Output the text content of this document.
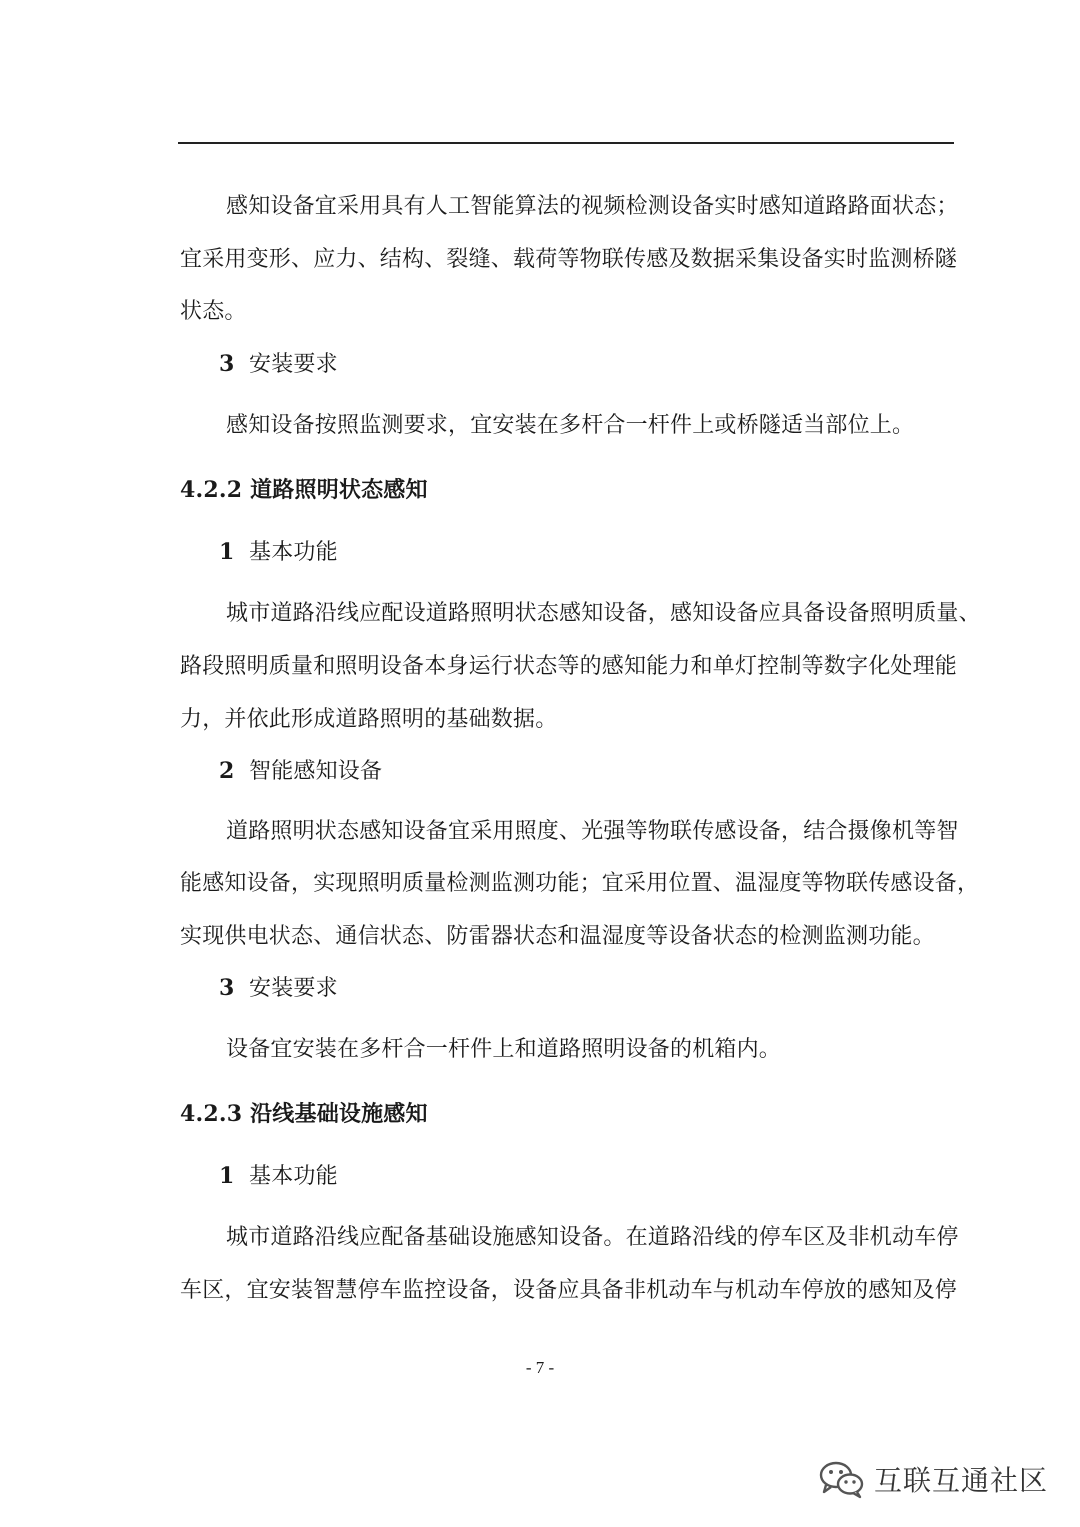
感知设备宜采用具有人工智能算法的视频检测设备实时感知道路路面状态；
宜采用变形、应力、结构、裂缝、载荷等物联传感及数据采集设备实时监测桥隧
状态。
3 安装要求
感知设备按照监测要求，宜安装在多杆合一杆件上或桥隧适当部位上。
4.2.2 道路照明状态感知
1 基本功能
城市道路沿线应配设道路照明状态感知设备，感知设备应具备设备照明质量、
路段照明质量和照明设备本身运行状态等的感知能力和单灯控制等数字化处理能
力，并依此形成道路照明的基础数据。
2 智能感知设备
道路照明状态感知设备宜采用照度、光强等物联传感设备，结合摄像机等智
能感知设备，实现照明质量检测监测功能；宜采用位置、温湿度等物联传感设备，
实现供电状态、通信状态、防雷器状态和温湿度等设备状态的检测监测功能。
3 安装要求
设备宜安装在多杆合一杆件上和道路照明设备的机箱内。
4.2.3 沿线基础设施感知
1 基本功能
城市道路沿线应配备基础设施感知设备。在道路沿线的停车区及非机动车停
车区，宜安装智慧停车监控设备，设备应具备非机动车与机动车停放的感知及停
- 7 -
互联互通社区
